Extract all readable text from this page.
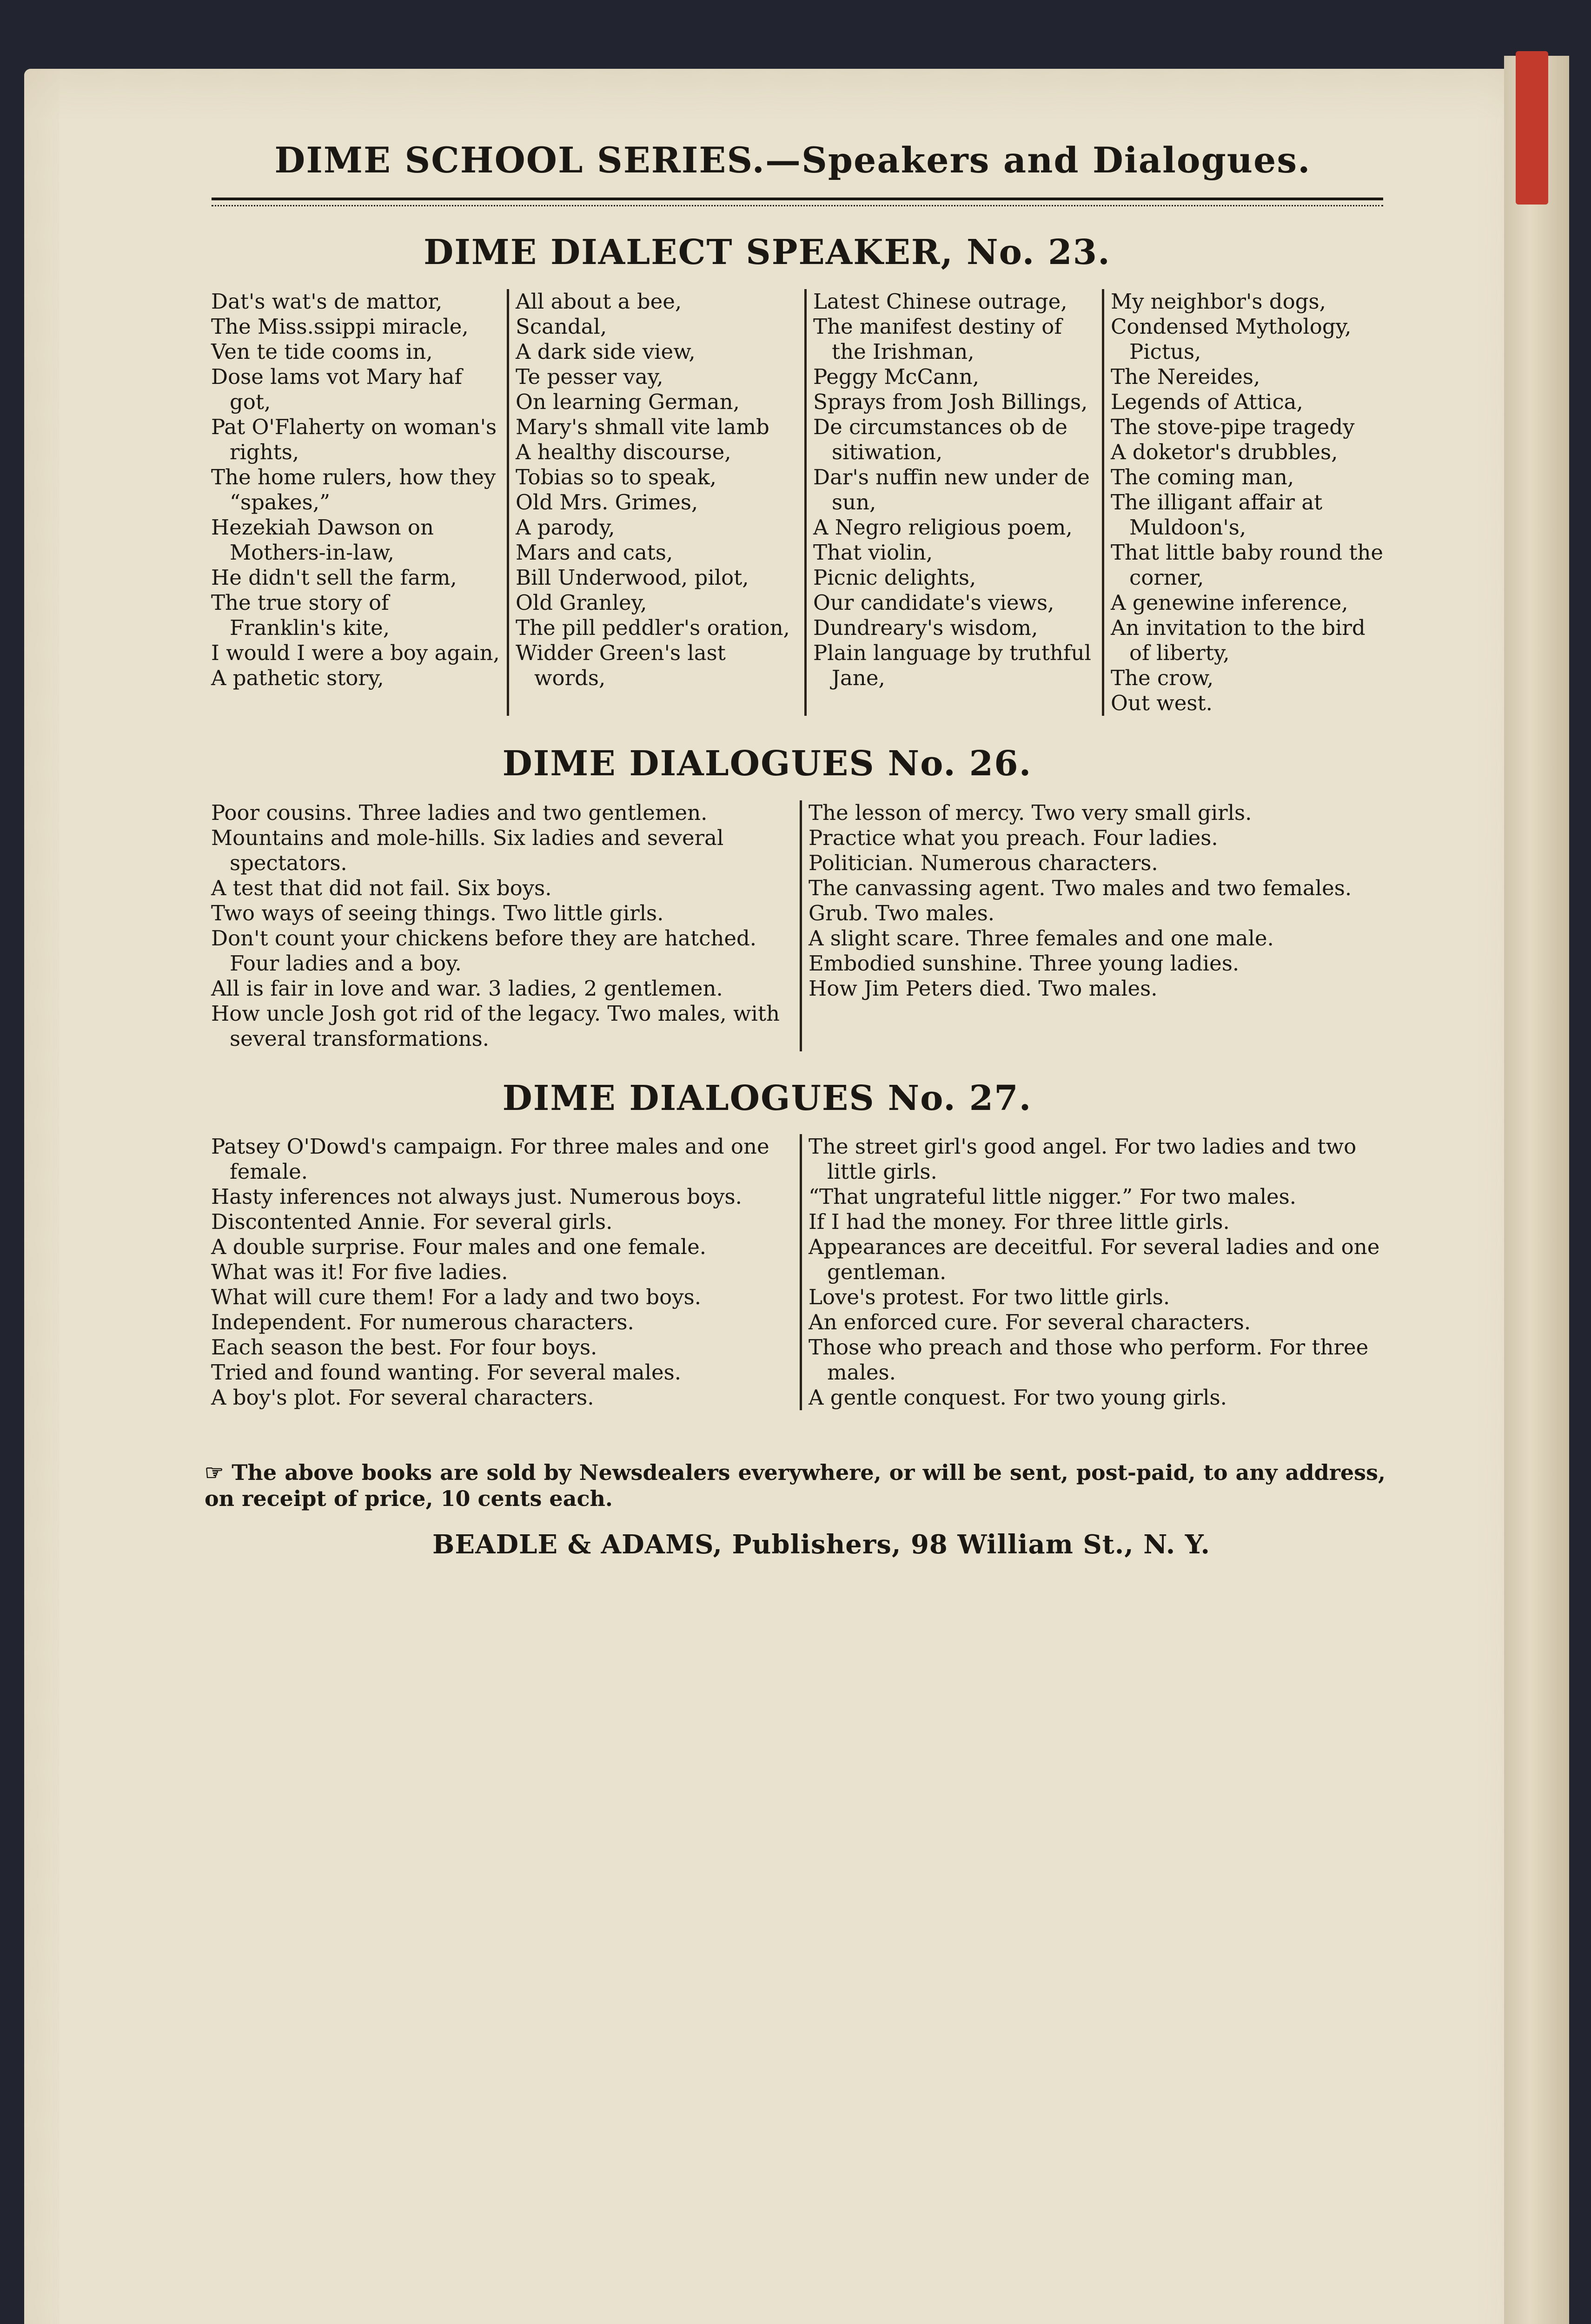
DIME SCHOOL SERIES.—Speakers and Dialogues.
DIME DIALECT SPEAKER, No. 23.
Dat's wat's de mattor,
The Miss.ssippi miracle,
Ven te tide cooms in,
Dose lams vot Mary haf got,
Pat O'Flaherty on woman's rights,
The home rulers, how they “spakes,”
Hezekiah Dawson on Mothers-in-law,
He didn't sell the farm,
The true story of Franklin's kite,
I would I were a boy again,
A pathetic story,
All about a bee,
Scandal,
A dark side view,
Te pesser vay,
On learning German,
Mary's shmall vite lamb
A healthy discourse,
Tobias so to speak,
Old Mrs. Grimes,
A parody,
Mars and cats,
Bill Underwood, pilot,
Old Granley,
The pill peddler's oration,
Widder Green's last words,
Latest Chinese outrage,
The manifest destiny of the Irishman,
Peggy McCann,
Sprays from Josh Billings,
De circumstances ob de sitiwation,
Dar's nuffin new under de sun,
A Negro religious poem,
That violin,
Picnic delights,
Our candidate's views,
Dundreary's wisdom,
Plain language by truthful Jane,
My neighbor's dogs,
Condensed Mythology, Pictus,
The Nereides,
Legends of Attica,
The stove-pipe tragedy
A doketor's drubbles,
The coming man,
The illigant affair at Muldoon's,
That little baby round the corner,
A genewine inference,
An invitation to the bird of liberty,
The crow,
Out west.
DIME DIALOGUES No. 26.
Poor cousins. Three ladies and two gentlemen.
Mountains and mole-hills. Six ladies and several spectators.
A test that did not fail. Six boys.
Two ways of seeing things. Two little girls.
Don't count your chickens before they are hatched. Four ladies and a boy.
All is fair in love and war. 3 ladies, 2 gentlemen.
How uncle Josh got rid of the legacy. Two males, with several transformations.
The lesson of mercy. Two very small girls.
Practice what you preach. Four ladies.
Politician. Numerous characters.
The canvassing agent. Two males and two females.
Grub. Two males.
A slight scare. Three females and one male.
Embodied sunshine. Three young ladies.
How Jim Peters died. Two males.
DIME DIALOGUES No. 27.
Patsey O'Dowd's campaign. For three males and one female.
Hasty inferences not always just. Numerous boys.
Discontented Annie. For several girls.
A double surprise. Four males and one female.
What was it! For five ladies.
What will cure them! For a lady and two boys.
Independent. For numerous characters.
Each season the best. For four boys.
Tried and found wanting. For several males.
A boy's plot. For several characters.
The street girl's good angel. For two ladies and two little girls.
“That ungrateful little nigger.” For two males.
If I had the money. For three little girls.
Appearances are deceitful. For several ladies and one gentleman.
Love's protest. For two little girls.
An enforced cure. For several characters.
Those who preach and those who perform. For three males.
A gentle conquest. For two young girls.
☞ The above books are sold by Newsdealers everywhere, or will be sent, post-paid, to any address, on receipt of price, 10 cents each.
BEADLE & ADAMS, Publishers, 98 William St., N. Y.
